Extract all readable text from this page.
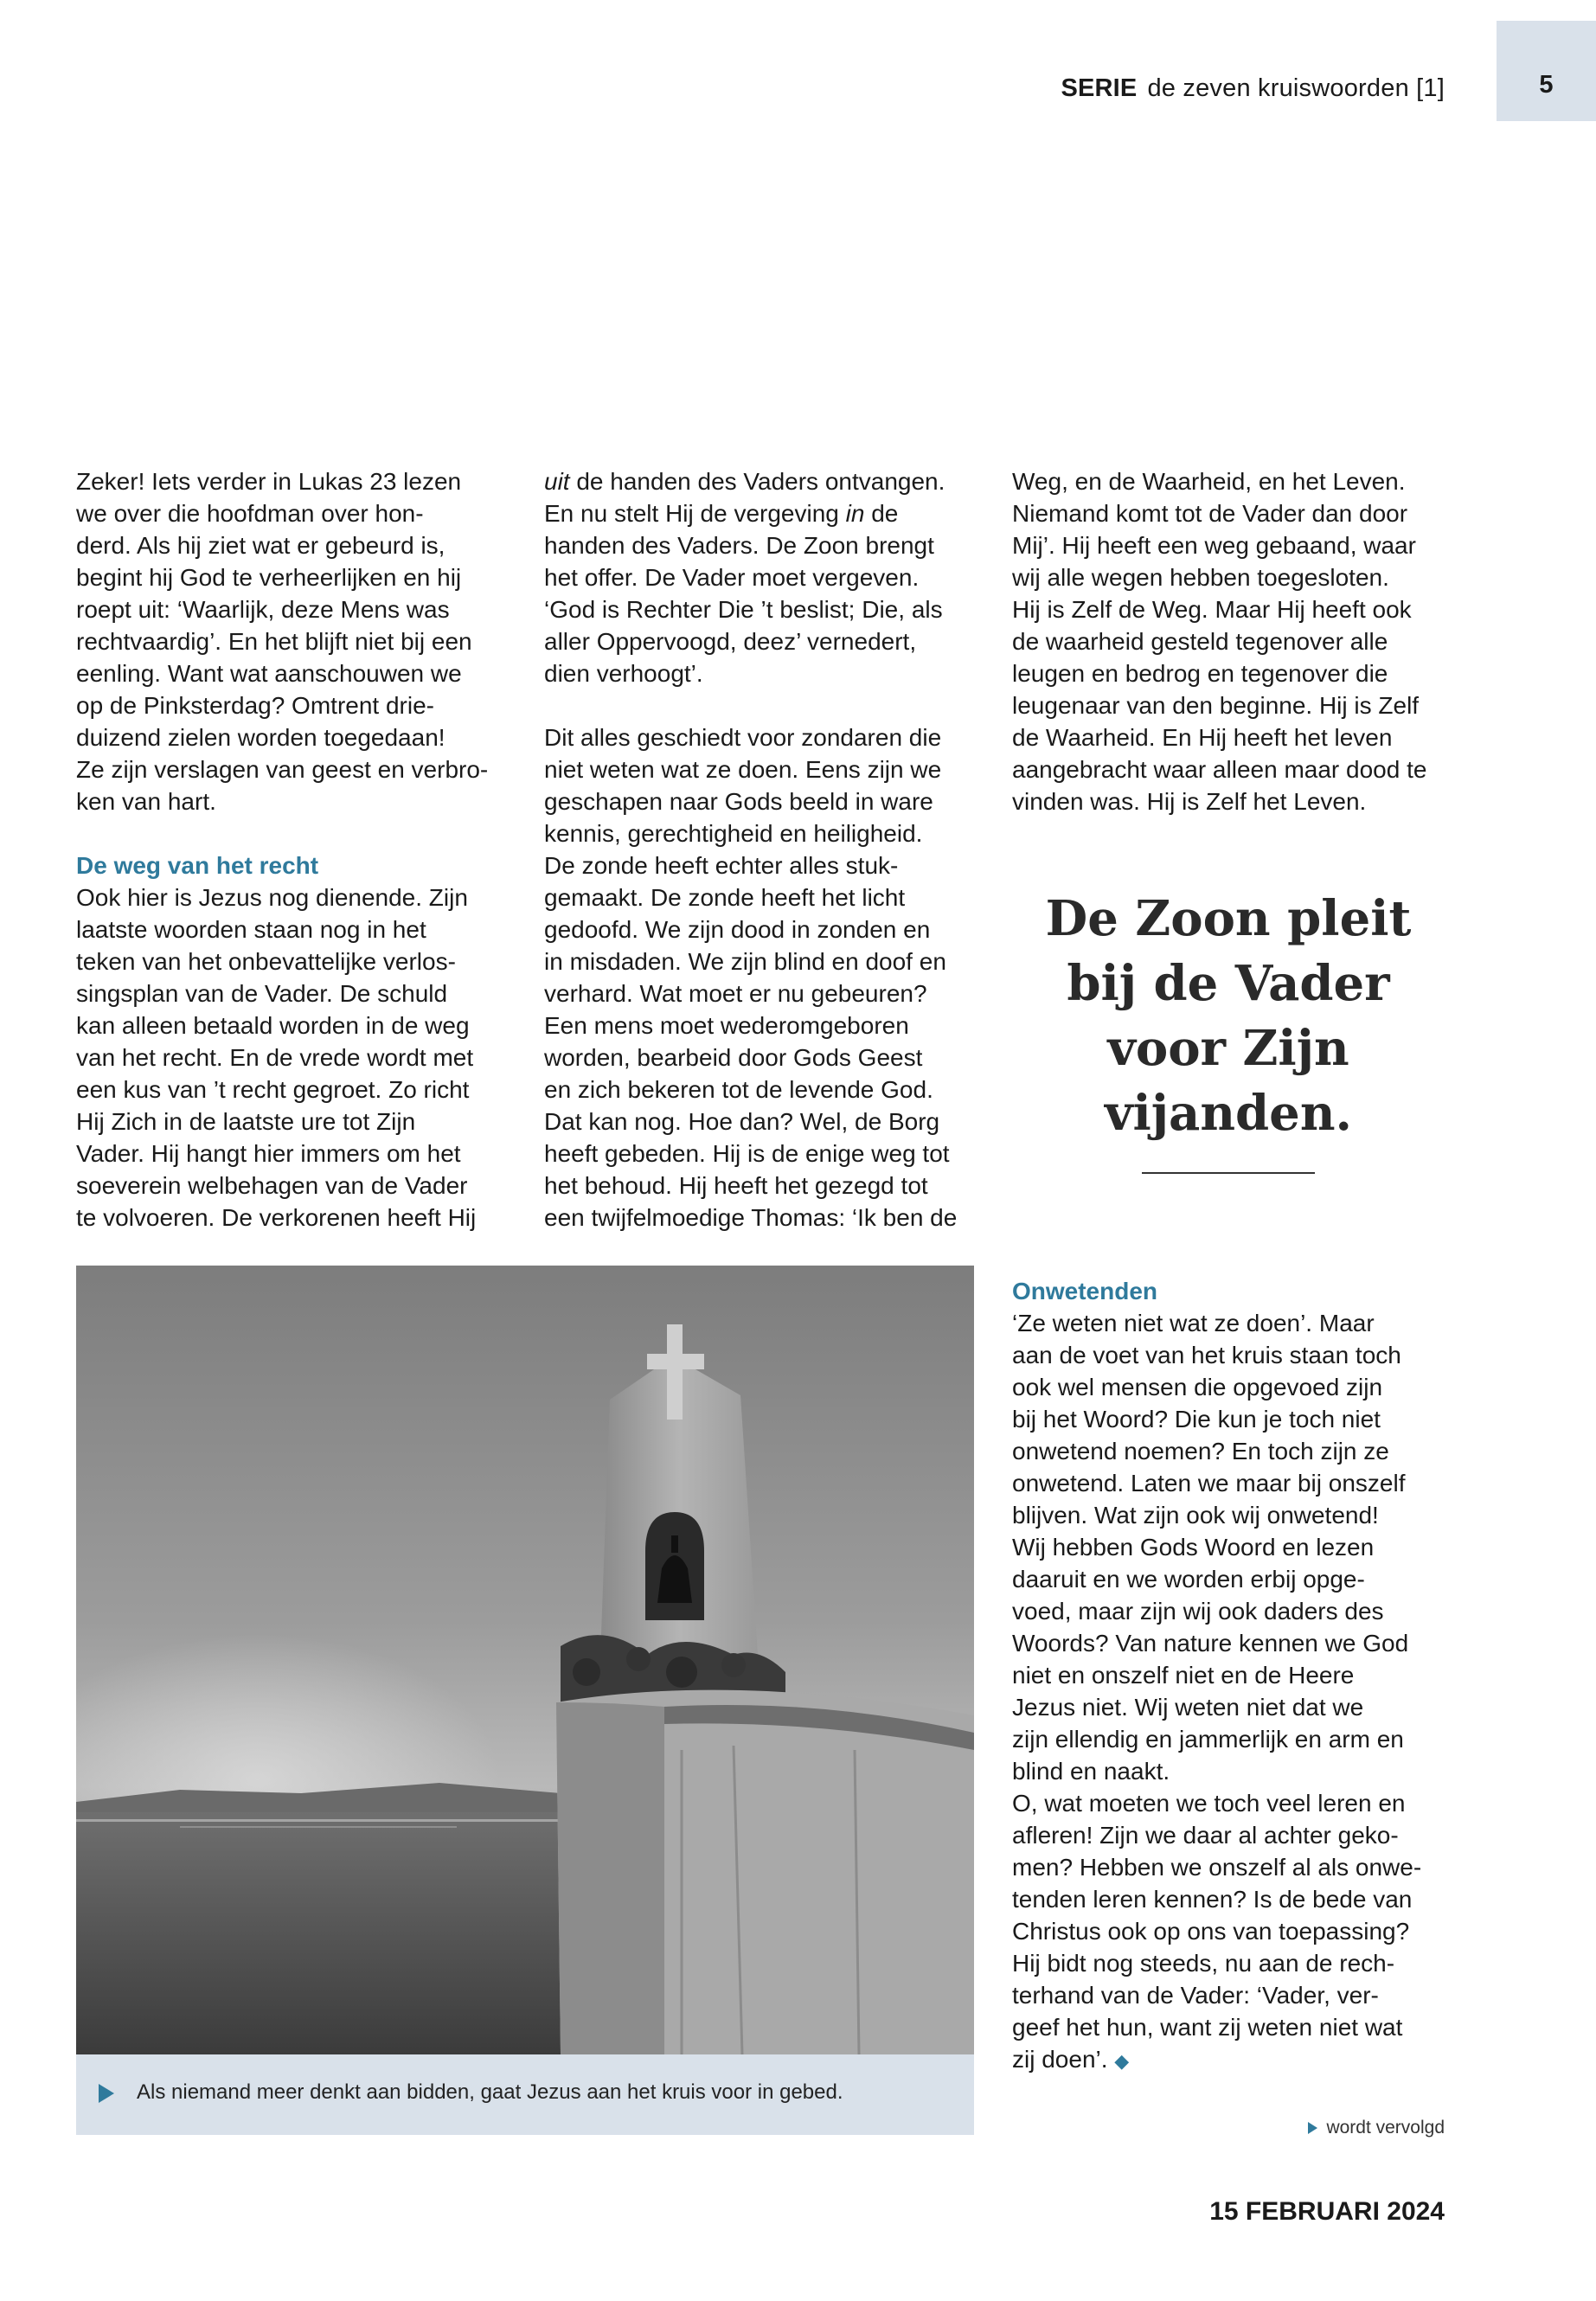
SERIE de zeven kruiswoorden [1]	5

Zeker! Iets verder in Lukas 23 lezen
we over die hoofdman over hon-
derd. Als hij ziet wat er gebeurd is,
begint hij God te verheerlijken en hij
roept uit: ‘Waarlijk, deze Mens was
rechtvaardig’. En het blijft niet bij een
eenling. Want wat aanschouwen we
op de Pinksterdag? Omtrent drie-
duizend zielen worden toegedaan!
Ze zijn verslagen van geest en verbro-
ken van hart.

De weg van het recht
Ook hier is Jezus nog dienende. Zijn
laatste woorden staan nog in het
teken van het onbevattelijke verlos-
singsplan van de Vader. De schuld
kan alleen betaald worden in de weg
van het recht. En de vrede wordt met
een kus van ’t recht gegroet. Zo richt
Hij Zich in de laatste ure tot Zijn
Vader. Hij hangt hier immers om het
soeverein welbehagen van de Vader
te volvoeren. De verkorenen heeft Hij

uit de handen des Vaders ontvangen.
En nu stelt Hij de vergeving in de
handen des Vaders. De Zoon brengt
het offer. De Vader moet vergeven.
‘God is Rechter Die ’t beslist; Die, als
aller Oppervoogd, deez’ vernedert,
dien verhoogt’.

Dit alles geschiedt voor zondaren die
niet weten wat ze doen. Eens zijn we
geschapen naar Gods beeld in ware
kennis, gerechtigheid en heiligheid.
De zonde heeft echter alles stuk-
gemaakt. De zonde heeft het licht
gedoofd. We zijn dood in zonden en
in misdaden. We zijn blind en doof en
verhard. Wat moet er nu gebeuren?
Een mens moet wederomgeboren
worden, bearbeid door Gods Geest
en zich bekeren tot de levende God.
Dat kan nog. Hoe dan? Wel, de Borg
heeft gebeden. Hij is de enige weg tot
het behoud. Hij heeft het gezegd tot
een twijfelmoedige Thomas: ‘Ik ben de

Weg, en de Waarheid, en het Leven.
Niemand komt tot de Vader dan door
Mij’. Hij heeft een weg gebaand, waar
wij alle wegen hebben toegesloten.
Hij is Zelf de Weg. Maar Hij heeft ook
de waarheid gesteld tegenover alle
leugen en bedrog en tegenover die
leugenaar van den beginne. Hij is Zelf
de Waarheid. En Hij heeft het leven
aangebracht waar alleen maar dood te
vinden was. Hij is Zelf het Leven.

De Zoon pleit
bij de Vader
voor Zijn
vijanden.
Als niemand meer denkt aan bidden, gaat Jezus aan het kruis voor in gebed.
Onwetenden
‘Ze weten niet wat ze doen’. Maar
aan de voet van het kruis staan toch
ook wel mensen die opgevoed zijn
bij het Woord? Die kun je toch niet
onwetend noemen? En toch zijn ze
onwetend. Laten we maar bij onszelf
blijven. Wat zijn ook wij onwetend!
Wij hebben Gods Woord en lezen
daaruit en we worden erbij opge-
voed, maar zijn wij ook daders des
Woords? Van nature kennen we God
niet en onszelf niet en de Heere
Jezus niet. Wij weten niet dat we
zijn ellendig en jammerlijk en arm en
blind en naakt.
O, wat moeten we toch veel leren en
afleren! Zijn we daar al achter geko-
men? Hebben we onszelf al als onwe-
tenden leren kennen? Is de bede van
Christus ook op ons van toepassing?
Hij bidt nog steeds, nu aan de rech-
terhand van de Vader: ‘Vader, ver-
geef het hun, want zij weten niet wat
zij doen’. ◆
wordt vervolgd
15 FEBRUARI 2024
